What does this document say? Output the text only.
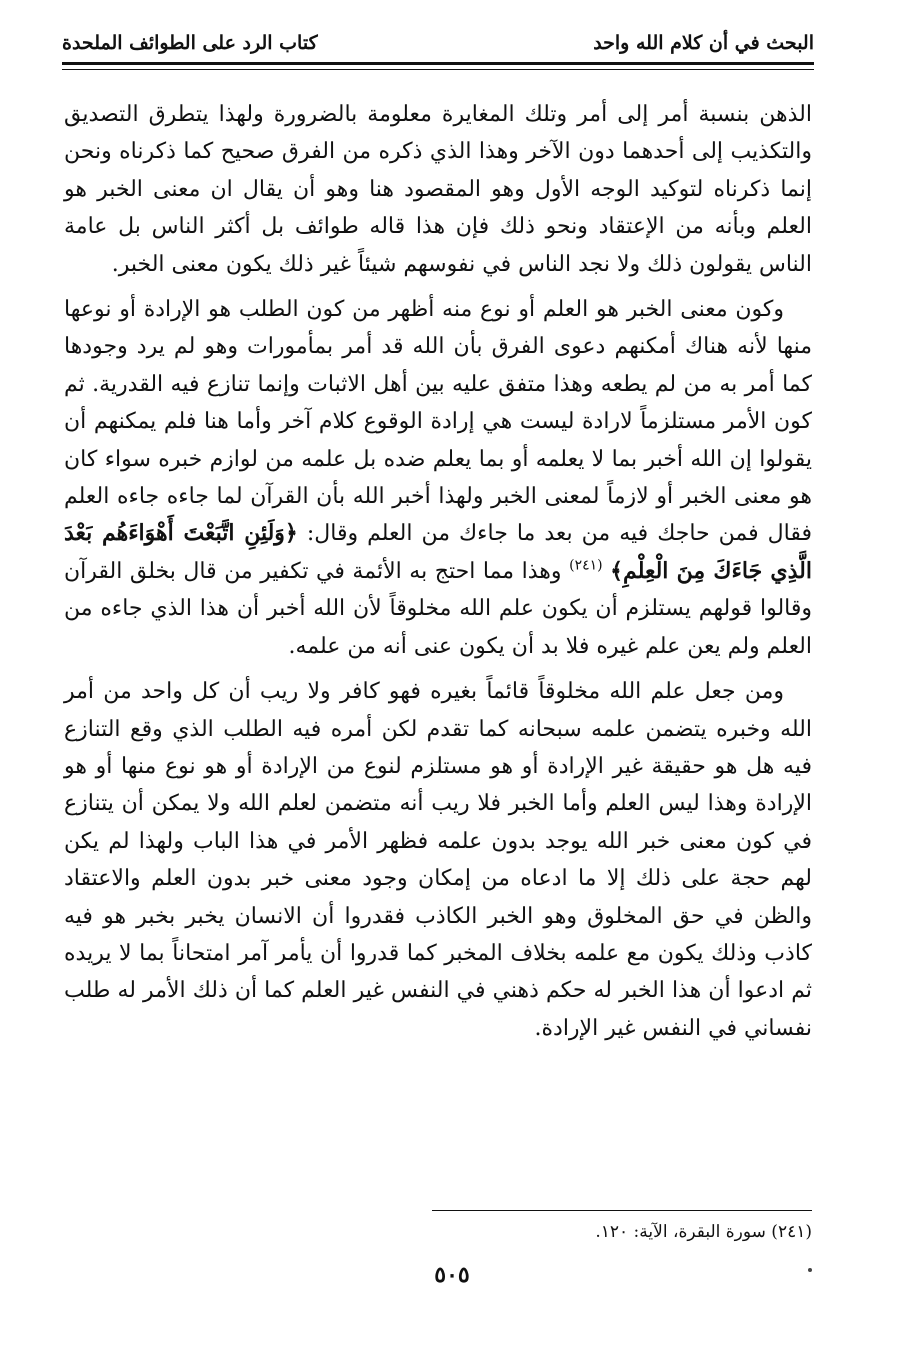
البحث في أن كلام الله واحد
كتاب الرد على الطوائف الملحدة

الذهن بنسبة أمر إلى أمر وتلك المغايرة معلومة بالضرورة ولهذا يتطرق التصديق والتكذيب إلى أحدهما دون الآخر وهذا الذي ذكره من الفرق صحيح كما ذكرناه ونحن إنما ذكرناه لتوكيد الوجه الأول وهو المقصود هنا وهو أن يقال ان معنى الخبر هو العلم وبأنه من الإعتقاد ونحو ذلك فإن هذا قاله طوائف بل أكثر الناس بل عامة الناس يقولون ذلك ولا نجد الناس في نفوسهم شيئاً غير ذلك يكون معنى الخبر.

وكون معنى الخبر هو العلم أو نوع منه أظهر من كون الطلب هو الإرادة أو نوعها منها لأنه هناك أمكنهم دعوى الفرق بأن الله قد أمر بمأمورات وهو لم يرد وجودها كما أمر به من لم يطعه وهذا متفق عليه بين أهل الاثبات وإنما تنازع فيه القدرية. ثم كون الأمر مستلزماً لارادة ليست هي إرادة الوقوع كلام آخر وأما هنا فلم يمكنهم أن يقولوا إن الله أخبر بما لا يعلمه أو بما يعلم ضده بل علمه من لوازم خبره سواء كان هو معنى الخبر أو لازماً لمعنى الخبر ولهذا أخبر الله بأن القرآن لما جاءه جاءه العلم فقال فمن حاجك فيه من بعد ما جاءك من العلم وقال: ﴿وَلَئِنِ اتَّبَعْتَ أَهْوَاءَهُم بَعْدَ الَّذِي جَاءَكَ مِنَ الْعِلْمِ﴾ $^{(٢٤١)}$ وهذا مما احتج به الأئمة في تكفير من قال بخلق القرآن وقالوا قولهم يستلزم أن يكون علم الله مخلوقاً لأن الله أخبر أن هذا الذي جاءه من العلم ولم يعن علم غيره فلا بد أن يكون عنى أنه من علمه.

ومن جعل علم الله مخلوقاً قائماً بغيره فهو كافر ولا ريب أن كل واحد من أمر الله وخبره يتضمن علمه سبحانه كما تقدم لكن أمره فيه الطلب الذي وقع التنازع فيه هل هو حقيقة غير الإرادة أو هو مستلزم لنوع من الإرادة أو هو نوع منها أو هو الإرادة وهذا ليس العلم وأما الخبر فلا ريب أنه متضمن لعلم الله ولا يمكن أن يتنازع في كون معنى خبر الله يوجد بدون علمه فظهر الأمر في هذا الباب ولهذا لم يكن لهم حجة على ذلك إلا ما ادعاه من إمكان وجود معنى خبر بدون العلم والاعتقاد والظن في حق المخلوق وهو الخبر الكاذب فقدروا أن الانسان يخبر بخبر هو فيه كاذب وذلك يكون مع علمه بخلاف المخبر كما قدروا أن يأمر آمر امتحاناً بما لا يريده ثم ادعوا أن هذا الخبر له حكم ذهني في النفس غير العلم كما أن ذلك الأمر له طلب نفساني في النفس غير الإرادة.

(٢٤١) سورة البقرة، الآية: ١٢٠.
٥٠٥
